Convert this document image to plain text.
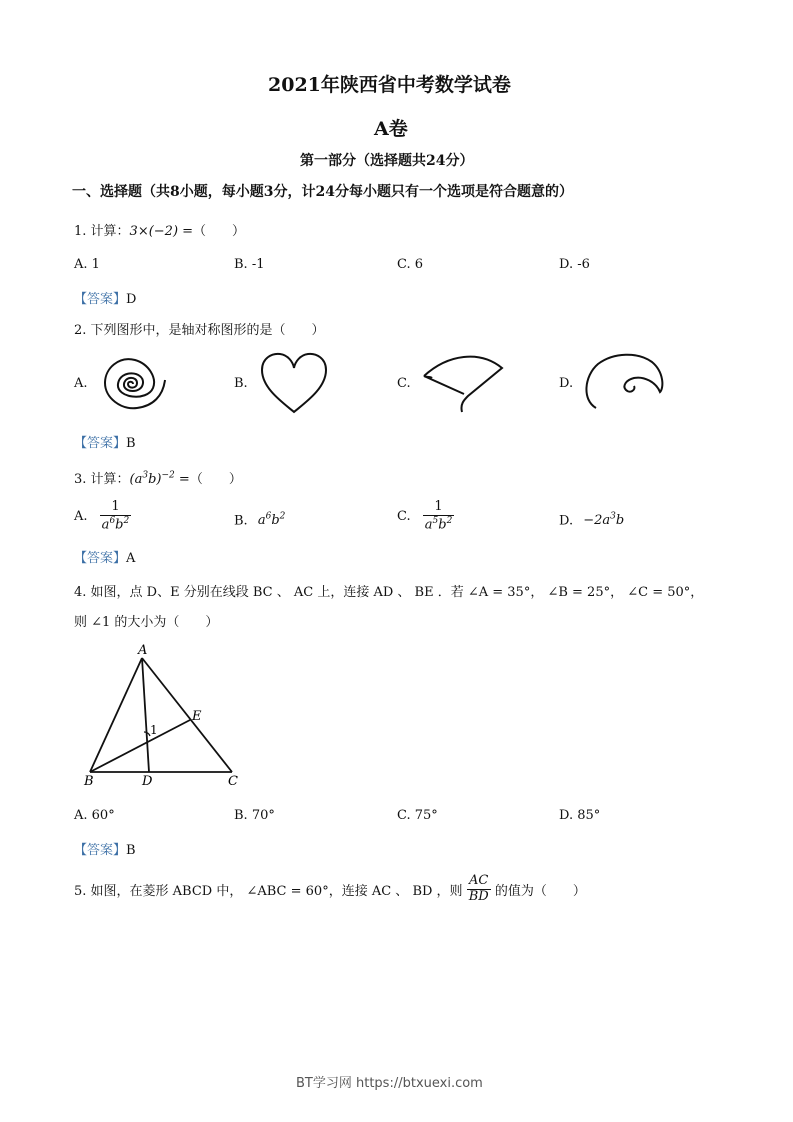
2021年陕西省中考数学试卷
A卷
第一部分（选择题共24分）
一、选择题（共8小题，每小题3分，计24分每小题只有一个选项是符合题意的）
1. 计算：3×(−2) =（　　）
A. 1	B. -1	C. 6	D. -6
【答案】D
2. 下列图形中，是轴对称图形的是（　　）
A.	B.	C.	D.
【答案】B
3. 计算：$(a^3b)^{-2}$ =（　　）
A. $\frac{1}{a^6b^2}$	B. $a^6b^2$	C. $\frac{1}{a^5b^2}$	D. $-2a^3b$
【答案】A
4. 如图，点 D、E 分别在线段 BC 、 AC 上，连接 AD 、 BE ．若 ∠A = 35°， ∠B = 25°， ∠C = 50°，
则 ∠1 的大小为（　　）
A
B	C
D
E
1
A. 60°	B. 70°	C. 75°	D. 85°
【答案】B
5. 如图，在菱形 ABCD 中， ∠ABC = 60°，连接 AC 、 BD ，则 $\frac{AC}{BD}$ 的值为（　　）
BT学习网 https://btxuexi.com
